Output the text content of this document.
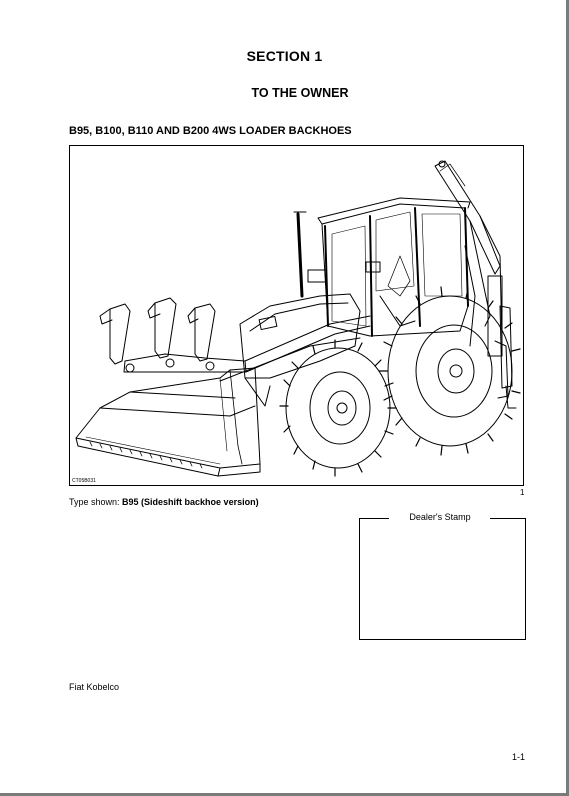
SECTION 1
TO THE OWNER
B95, B100, B110 AND B200 4WS LOADER BACKHOES
CT05B031
1
Type shown: B95 (Sideshift backhoe version)
Dealer's Stamp
Fiat Kobelco
1-1
